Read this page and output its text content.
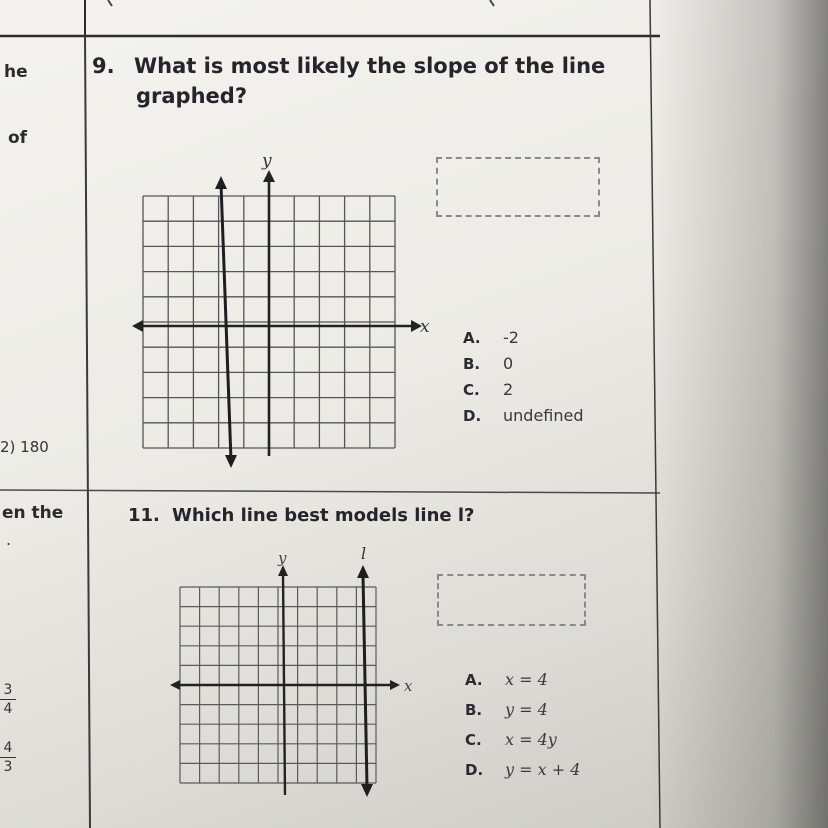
he
of
2) 180
en the
.
3
4
4
3
9. What is most likely the slope of the line
graphed?
y
x
A. -2
B. 0
C. 2
D. undefined
11. Which line best models line l?
y
x
l
A. x = 4
B. y = 4
C. x = 4y
D. y = x + 4
